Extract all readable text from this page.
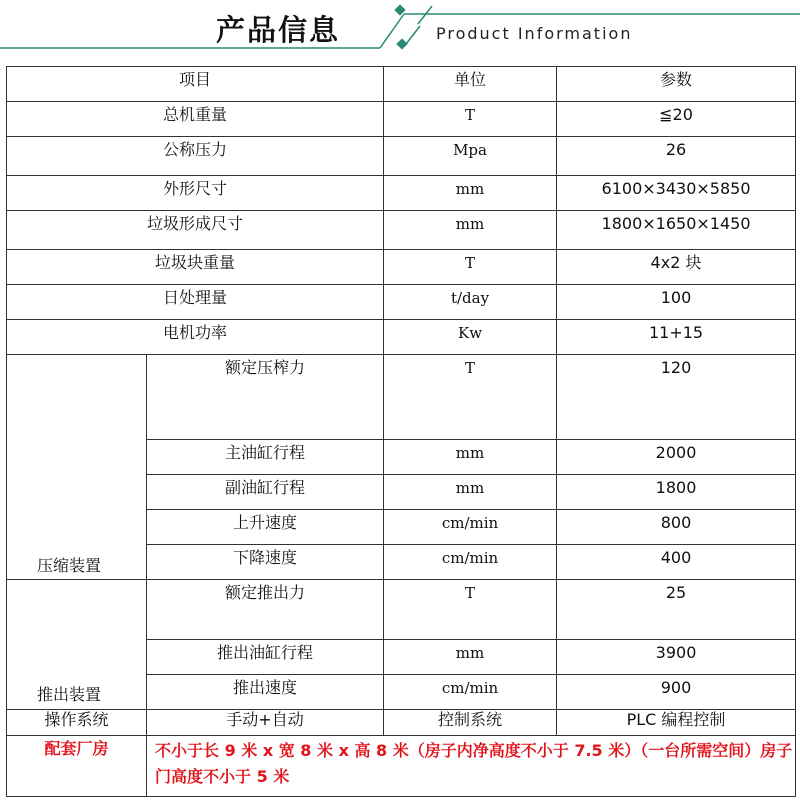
产品信息	Product Information
项目		单位	参数
总机重量		T	≦20
公称压力		Mpa	26
外形尺寸		mm	6100×3430×5850
垃圾形成尺寸		mm	1800×1650×1450
垃圾块重量		T	4x2 块
日处理量		t/day	100
电机功率		Kw	11+15

压缩装置	额定压榨力	T	120
	主油缸行程	mm	2000
	副油缸行程	mm	1800
	上升速度	cm/min	800
	下降速度	cm/min	400

推出装置	额定推出力	T	25
	推出油缸行程	mm	3900
	推出速度	cm/min	900
操作系统	手动+自动	控制系统	PLC 编程控制
配套厂房	不小于长 9 米 x 宽 8 米 x 高 8 米（房子内净高度不小于 7.5 米）（一台所需空间）房子门高度不小于 5 米		
